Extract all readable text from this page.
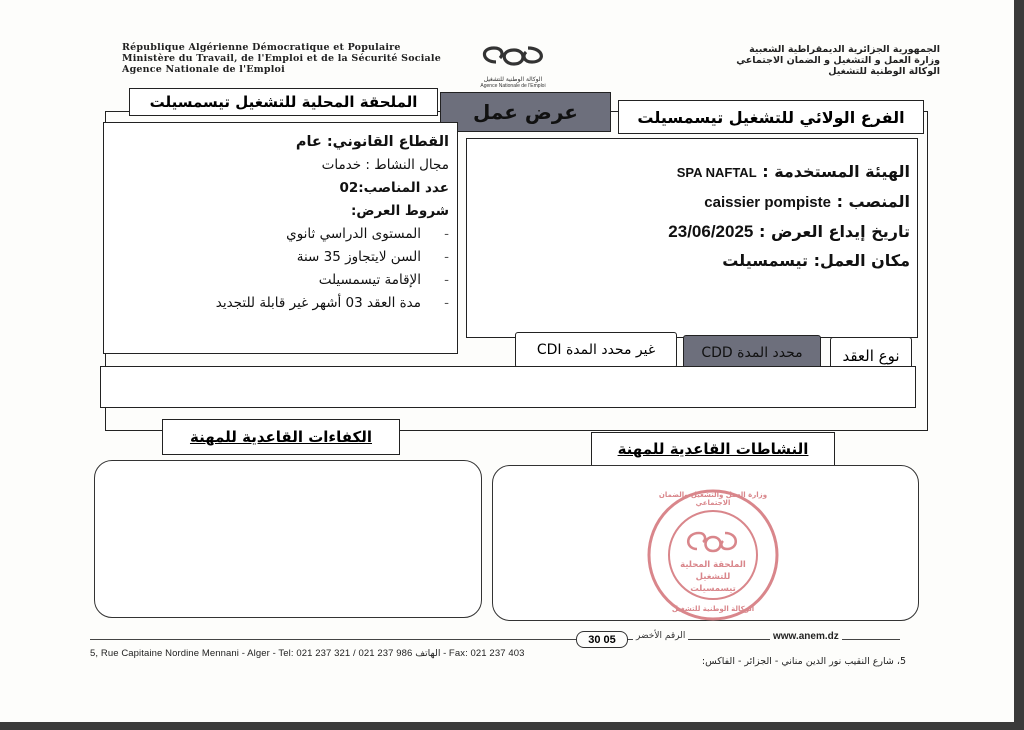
République Algérienne Démocratique et Populaire
Ministère du Travail, de l'Emploi et de la Sécurité Sociale
Agence Nationale de l'Emploi
الوكالة الوطنية للتشغيل
Agence Nationale de l'Emploi
الجمهورية الجزائرية الديمقراطية الشعبية
وزارة العمل و التشغيل و الضمان الاجتماعي
الوكالة الوطنية للتشغيل
الملحقة المحلية للتشغيل تيسمسيلت	عرض عمل	الفرع الولائي للتشغيل تيسمسيلت
القطاع القانوني: عام
مجال النشاط : خدمات
عدد المناصب:02
شروط العرض:
-
المستوى الدراسي ثانوي
-
السن لايتجاوز 35 سنة
-
الإقامة تيسمسيلت
-
مدة العقد 03 أشهر غير قابلة للتجديد
الهيئة المستخدمة : SPA NAFTAL
المنصب : caissier pompiste
تاريخ إيداع العرض : 23/06/2025
مكان العمل: تيسمسيلت
نوع العقد
محدد المدة CDD
غير محدد المدة CDI
الكفاءات القاعدية للمهنة
النشاطات القاعدية للمهنة
وزارة العمل والتشغيل والضمان الاجتماعي
الملحقة المحلية للتشغيل
تيسمسيلت
الوكالة الوطنية للتشغيل
30 05	الرقم الأخضر	www.anem.dz
5, Rue Capitaine Nordine Mennani - Alger - Tel: 021 237 321 / 021 237 986 الهاتف - Fax: 021 237 403
5، شارع النقيب نور الدين مناني - الجزائر - الفاكس:
